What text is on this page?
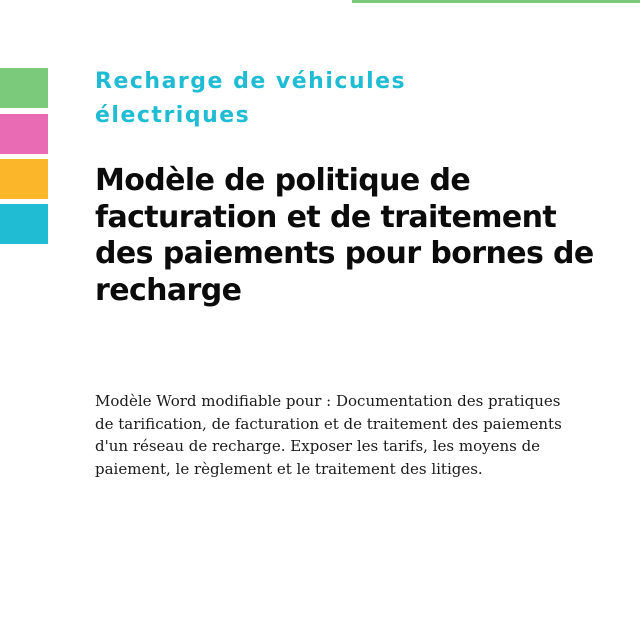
Recharge de véhicules électriques
Modèle de politique de facturation et de traitement des paiements pour bornes de recharge

Modèle Word modifiable pour : Documentation des pratiques de tarification, de facturation et de traitement des paiements d'un réseau de recharge. Exposer les tarifs, les moyens de paiement, le règlement et le traitement des litiges.
